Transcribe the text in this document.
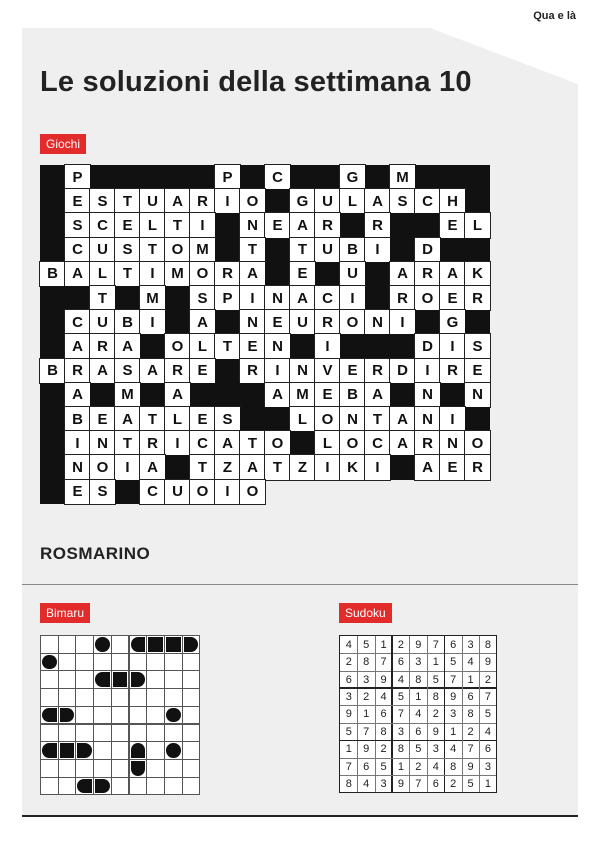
Qua e là
Le soluzioni della settimana 10
Giochi
P	P	C	G	M
E S	T	U A R	I	O	G U L	A S C H
S C E	L	T	I	N E A R	R	E	L
C U S	T O M	T	T	U B	I	D
B A L	T	I	M O R A	E	U	A R A K
T	M	S P	I	N A C	I	R O E R
C U B	I	A	N E U R O N	I	G
A R A	O L	T	E N	I	D	I	S
B R A S A R E	R	I	N V E R D	I	R E
A	M	A	A M E B A	N	N
B E A T	L	E S	L O N T	A N	I
I	N T	R	I	C A T O	L O C A R N O
N O	I	A	T	Z	A T	Z	I	K	I	A E R
E S	C U O	I	O
ROSMARINO
Bimaru	Sudoku
4	5	1	2	9	7	6	3	8
2	8	7	6	3	1	5	4	9
6	3	9	4	8	5	7	1	2
3	2	4	5	1	8	9	6	7
9	1	6	7	4	2	3	8	5
5	7	8	3	6	9	1	2	4
1	9	2	8	5	3	4	7	6
7	6	5	1	2	4	8	9	3
8	4	3	9	7	6	2	5	1
